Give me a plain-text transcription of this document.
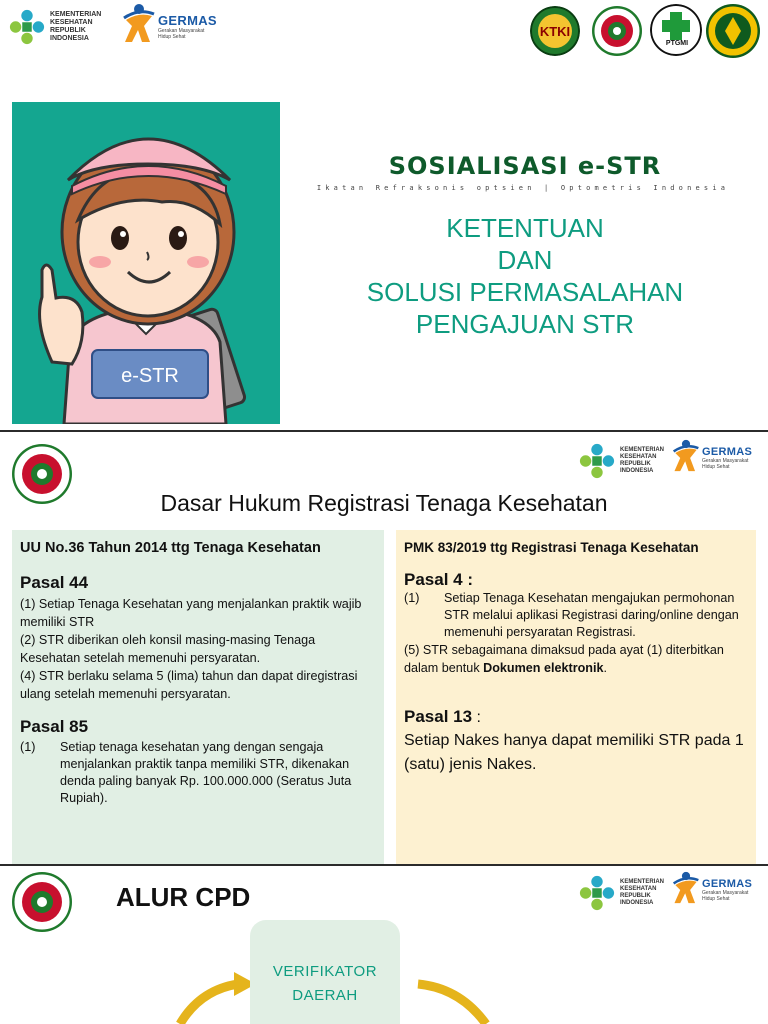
KEMENTERIAN
KESEHATAN
REPUBLIK
INDONESIA
GERMAS
Gerakan Masyarakat Hidup Sehat	KTKI
PTGMI
e-STR
SOSIALISASI e-STR
Ikatan Refraksonis optsien | Optometris Indonesia
KETENTUAN
DAN
SOLUSI PERMASALAHAN
PENGAJUAN STR
KEMENTERIAN
KESEHATAN
REPUBLIK
INDONESIA
GERMAS
Gerakan Masyarakat Hidup Sehat
Dasar Hukum Registrasi Tenaga Kesehatan
UU No.36 Tahun 2014 ttg Tenaga Kesehatan
Pasal 44
(1) Setiap Tenaga Kesehatan yang menjalankan praktik wajib memiliki STR
(2) STR diberikan oleh konsil masing-masing Tenaga Kesehatan setelah memenuhi persyaratan.
(4) STR berlaku selama 5 (lima) tahun dan dapat diregistrasi ulang setelah memenuhi persyaratan.
Pasal 85
(1)	Setiap tenaga kesehatan yang dengan sengaja menjalankan praktik tanpa memiliki STR, dikenakan denda paling banyak Rp. 100.000.000 (Seratus Juta Rupiah).
PMK 83/2019 ttg Registrasi Tenaga Kesehatan
Pasal 4 :
(1)	Setiap Tenaga Kesehatan mengajukan permohonan STR melalui aplikasi Registrasi daring/online dengan memenuhi persyaratan Registrasi.
(5) STR sebagaimana dimaksud pada ayat (1) diterbitkan dalam bentuk Dokumen elektronik.
Pasal 13 :
Setiap Nakes hanya dapat memiliki STR pada 1 (satu) jenis Nakes.
ALUR CPD	KEMENTERIAN
KESEHATAN
REPUBLIK
INDONESIA
GERMAS
Gerakan Masyarakat Hidup Sehat
VERIFIKATOR
DAERAH
